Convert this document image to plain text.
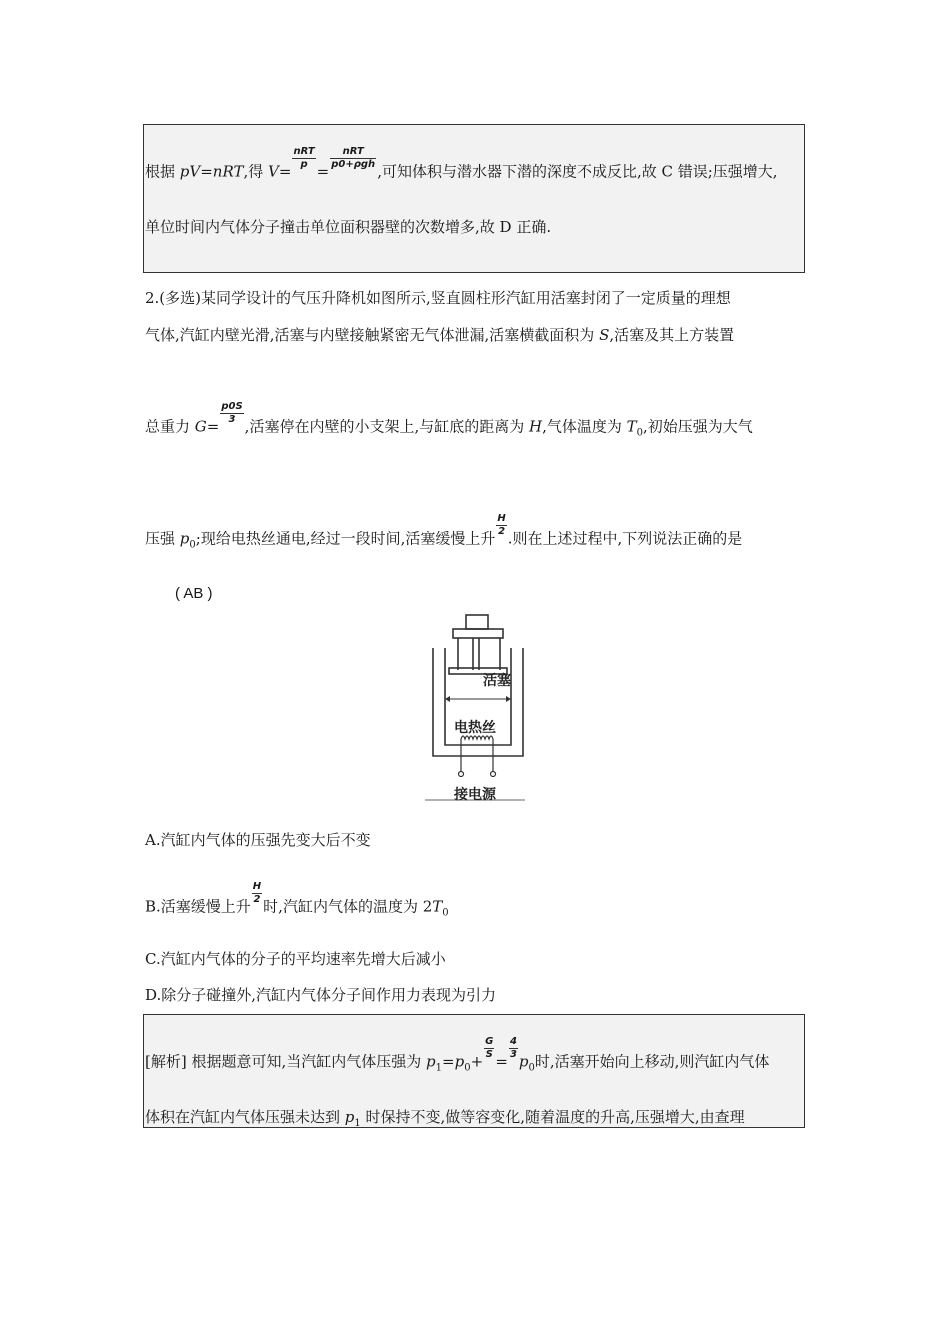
根据 pV=nRT,得 V=
$\frac{\text{nRT}}{p}$
=
$\frac{\text{nRT}}{\text{p0+ρgh}}$
,可知体积与潜水器下潜的深度不成反比,故 C 错误;压强增大,
单位时间内气体分子撞击单位面积器壁的次数增多,故 D 正确.
2.(多选)某同学设计的气压升降机如图所示,竖直圆柱形汽缸用活塞封闭了一定质量的理想
气体,汽缸内壁光滑,活塞与内壁接触紧密无气体泄漏,活塞横截面积为 S,活塞及其上方装置
总重力 G=
$\frac{p0S}{3}$
,活塞停在内壁的小支架上,与缸底的距离为 H,气体温度为 $T_0$,初始压强为大气
压强 $p_0$;现给电热丝通电,经过一段时间,活塞缓慢上升
$\frac{H}{2}$
.则在上述过程中,下列说法正确的是
( AB )
活塞
电热丝
接电源
A.汽缸内气体的压强先变大后不变
B.活塞缓慢上升
$\frac{H}{2}$
时,汽缸内气体的温度为 $2T_0$
C.汽缸内气体的分子的平均速率先增大后减小
D.除分子碰撞外,汽缸内气体分子间作用力表现为引力
[解析] 根据题意可知,当汽缸内气体压强为 $p_1=p_0+$
$\frac{G}{S}$
=
$\frac{4}{3}$
$p_0$时,活塞开始向上移动,则汽缸内气体
体积在汽缸内气体压强未达到 $p_1$ 时保持不变,做等容变化,随着温度的升高,压强增大,由查理
